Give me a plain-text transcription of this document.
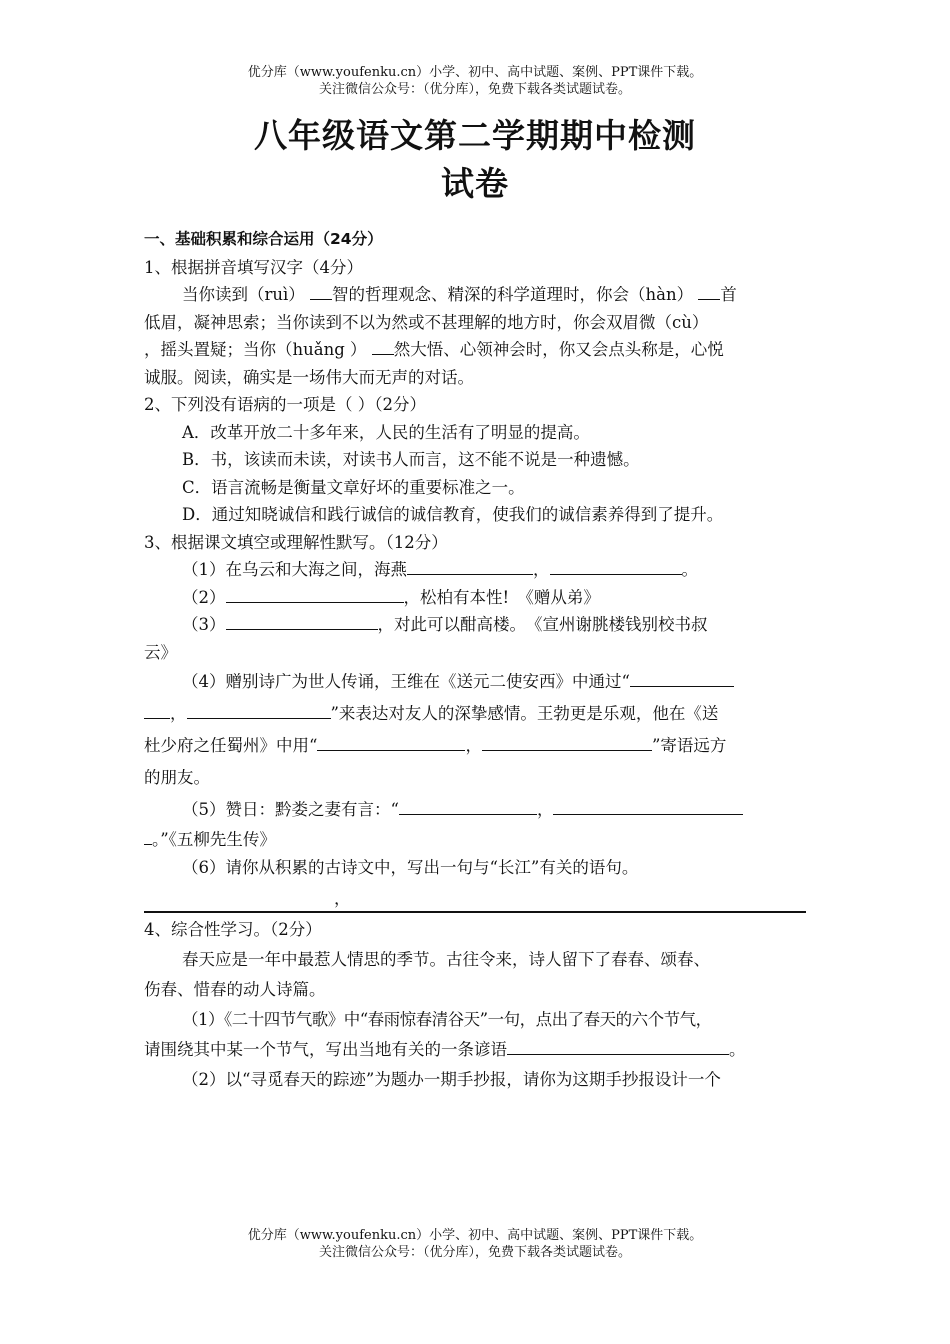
优分库（www.youfenku.cn）小学、初中、高中试题、案例、PPT课件下载。
关注微信公众号：（优分库），免费下载各类试题试卷。
八年级语文第二学期期中检测
试卷

一、基础积累和综合运用（24分）

1、根据拼音填写汉字（4分）

当你读到（ruì） 智的哲理观念、精深的科学道理时，你会（hàn） 首

低眉，凝神思索；当你读到不以为然或不甚理解的地方时，你会双眉微（cù）

，摇头置疑；当你（huǎng ） 然大悟、心领神会时，你又会点头称是，心悦

诚服。阅读，确实是一场伟大而无声的对话。

2、下列没有语病的一项是（ ）（2分）

A．改革开放二十多年来，人民的生活有了明显的提高。

B．书，该读而未读，对读书人而言，这不能不说是一种遗憾。

C．语言流畅是衡量文章好坏的重要标准之一。

D．通过知晓诚信和践行诚信的诚信教育，使我们的诚信素养得到了提升。

3、根据课文填空或理解性默写。（12分）

（1）在乌云和大海之间，海燕	，	。

（2）	，松柏有本性!　《赠从弟》

（3）	，对此可以酣高楼。　《宣州谢朓楼钱别校书叔

云》

（4）赠别诗广为世人传诵，王维在《送元二使安西》中通过“

，	”来表达对友人的深挚感情。王勃更是乐观，他在《送

杜少府之任蜀州》中用“	，	”寄语远方

的朋友。

（5）赞日：黔娄之妻有言：“	，

。”《五柳先生传》

（6）请你从积累的古诗文中，写出一句与“长江”有关的语句。

，

4、综合性学习。（2分）

春天应是一年中最惹人情思的季节。古往令来，诗人留下了春春、颂春、

伤春、惜春的动人诗篇。

（1）《二十四节气歌》中“春雨惊春清谷天”一句，点出了春天的六个节气，

请围绕其中某一个节气，写出当地有关的一条谚语	。

（2）以“寻觅春天的踪迹”为题办一期手抄报，请你为这期手抄报设计一个

优分库（www.youfenku.cn）小学、初中、高中试题、案例、PPT课件下载。
关注微信公众号：（优分库），免费下载各类试题试卷。
